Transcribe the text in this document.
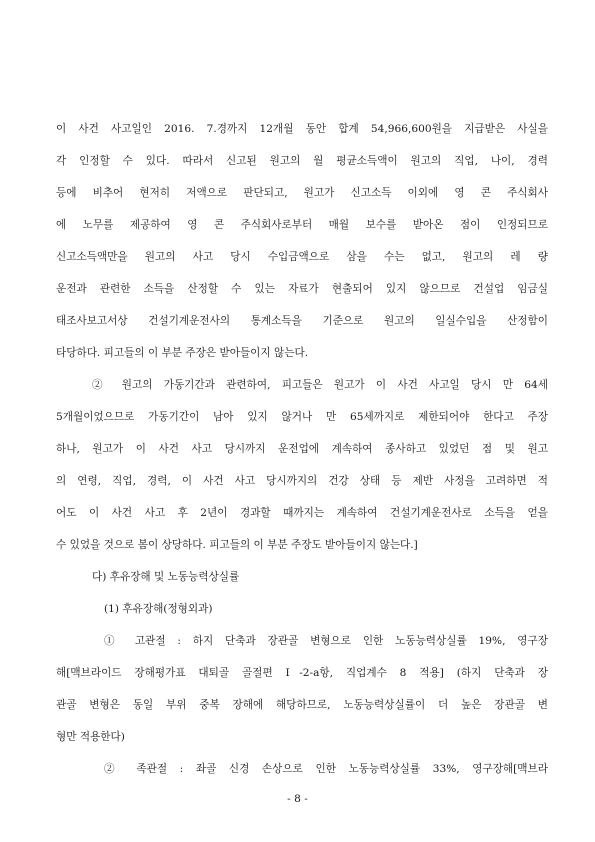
이 사건 사고일인 2016. 7.경까지 12개월 동안 합계 54,966,600원을 지급받은 사실을
각 인정할 수 있다. 따라서 신고된 원고의 월 평균소득액이 원고의 직업, 나이, 경력
등에 비추어 현저히 저액으로 판단되고, 원고가 신고소득 이외에 영 콘 주식회사
에 노무를 제공하여 영 콘 주식회사로부터 매월 보수를 받아온 점이 인정되므로
신고소득액만을 원고의 사고 당시 수입금액으로 삼을 수는 없고, 원고의 레 량
운전과 관련한 소득을 산정할 수 있는 자료가 현출되어 있지 않으므로 건설업 임금실
태조사보고서상 건설기계운전사의 통계소득을 기준으로 원고의 일실수입을 산정함이
타당하다. 피고들의 이 부분 주장은 받아들이지 않는다.
② 원고의 가동기간과 관련하여, 피고들은 원고가 이 사건 사고일 당시 만 64세
5개월이었으므로 가동기간이 남아 있지 않거나 만 65세까지로 제한되어야 한다고 주장
하나, 원고가 이 사건 사고 당시까지 운전업에 계속하여 종사하고 있었던 점 및 원고
의 연령, 직업, 경력, 이 사건 사고 당시까지의 건강 상태 등 제반 사정을 고려하면 적
어도 이 사건 사고 후 2년이 경과할 때까지는 계속하여 건설기계운전사로 소득을 얻을
수 있었을 것으로 봄이 상당하다. 피고들의 이 부분 주장도 받아들이지 않는다.]
다) 후유장해 및 노동능력상실률
(1) 후유장해(정형외과)
① 고관절 : 하지 단축과 장관골 변형으로 인한 노동능력상실률 19%, 영구장
해[맥브라이드 장해평가표 대퇴골 골절편 Ⅰ-2-a항, 직업계수 8 적용] (하지 단축과 장
관골 변형은 동일 부위 중복 장해에 해당하므로, 노동능력상실률이 더 높은 장관골 변
형만 적용한다)
② 족관절 : 좌골 신경 손상으로 인한 노동능력상실률 33%, 영구장해[맥브라
- 8 -
